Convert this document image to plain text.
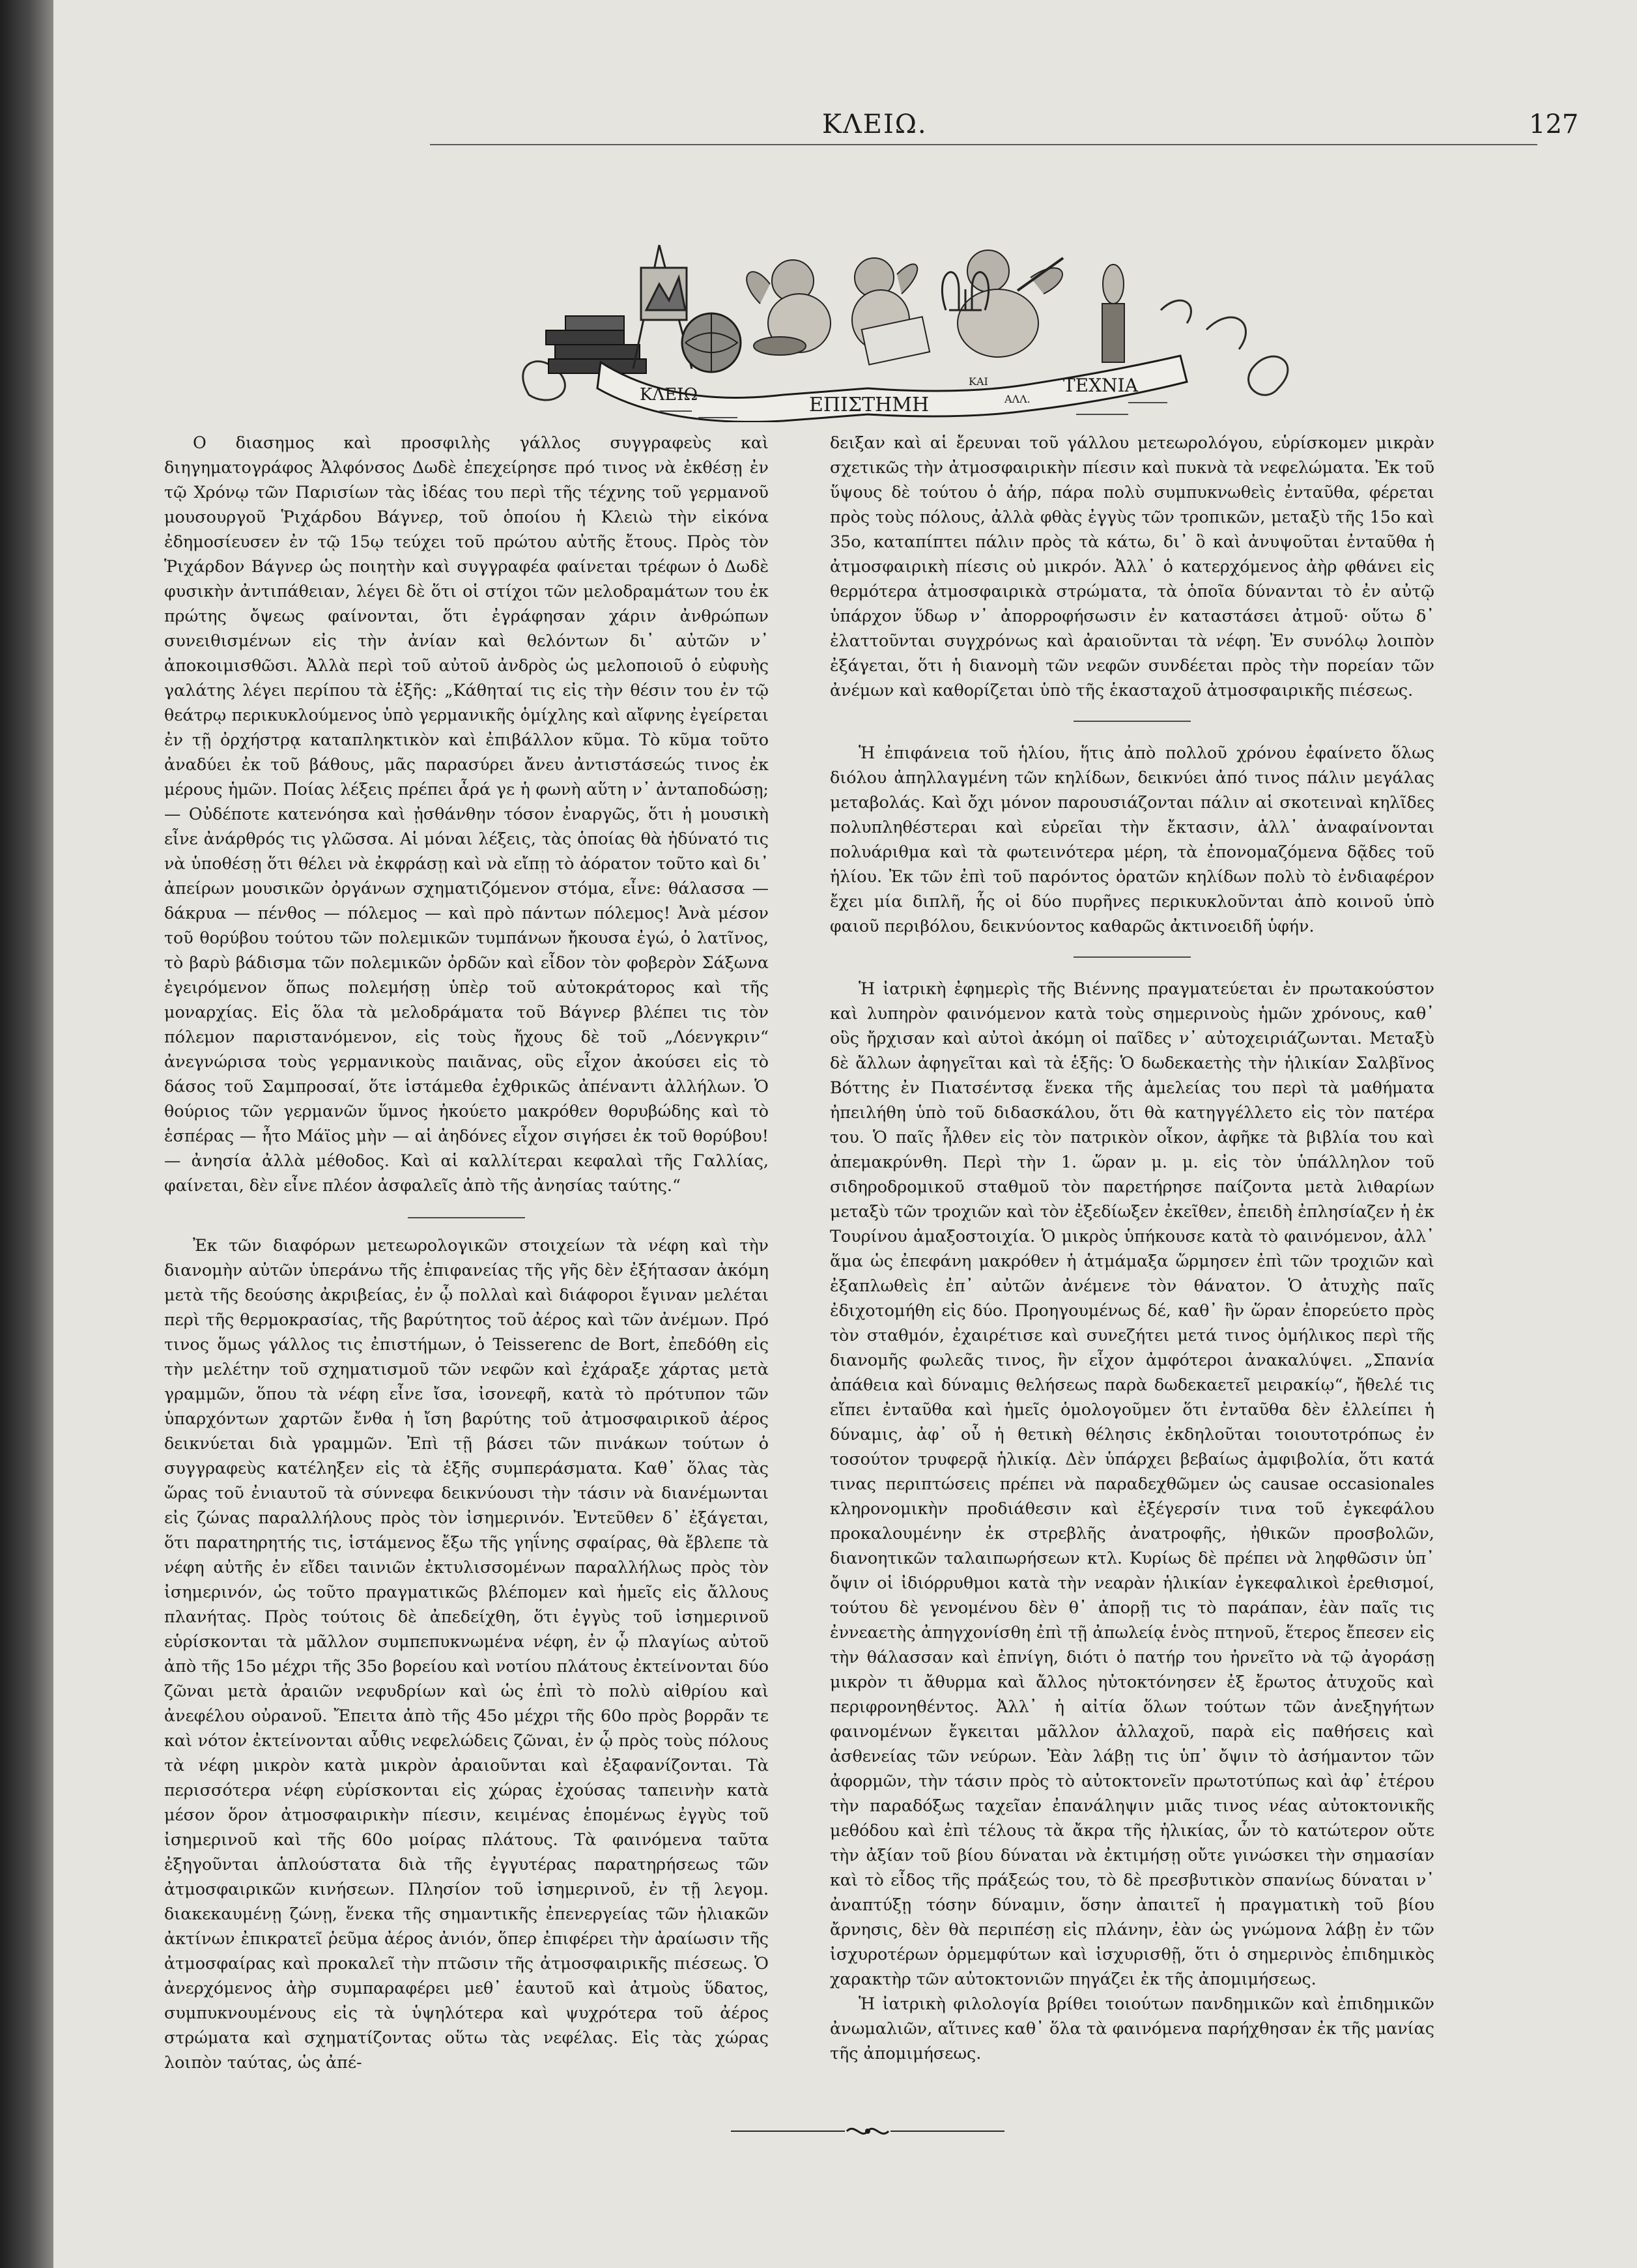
ΚΛΕΙΩ.	127
ΚΛΕΙΩ	ΕΠΙΣΤΗΜΗ
ΚΑΙ
ΑΛΛ.
ΤΕΧΝΙΑ

Ο διασημος καὶ προσφιλὴς γάλλος συγγραφεὺς καὶ διηγηματογράφος Ἀλφόνσος Δωδὲ ἐπεχείρησε πρό τινος νὰ ἐκθέσῃ ἐν τῷ Χρόνῳ τῶν Παρισίων τὰς ἰδέας του περὶ τῆς τέχνης τοῦ γερμανοῦ μουσουργοῦ Ῥιχάρδου Βάγνερ, τοῦ ὁποίου ἡ Κλειὼ τὴν εἰκόνα ἐδημοσίευσεν ἐν τῷ 15ῳ τεύχει τοῦ πρώτου αὐτῆς ἔτους. Πρὸς τὸν Ῥιχάρδον Βάγνερ ὡς ποιητὴν καὶ συγγραφέα φαίνεται τρέφων ὁ Δωδὲ φυσικὴν ἀντιπάθειαν, λέγει δὲ ὅτι οἱ στίχοι τῶν μελοδραμάτων του ἐκ πρώτης ὄψεως φαίνονται, ὅτι ἐγράφησαν χάριν ἀνθρώπων συνειθισμένων εἰς τὴν ἀνίαν καὶ θελόντων δι᾽ αὐτῶν ν᾽ ἀποκοιμισθῶσι. Ἀλλὰ περὶ τοῦ αὐτοῦ ἀνδρὸς ὡς μελοποιοῦ ὁ εὐφυὴς γαλάτης λέγει περίπου τὰ ἑξῆς: „Κάθηταί τις εἰς τὴν θέσιν του ἐν τῷ θεάτρῳ περικυκλούμενος ὑπὸ γερμανικῆς ὁμίχλης καὶ αἴφνης ἐγείρεται ἐν τῇ ὀρχήστρᾳ καταπληκτικὸν καὶ ἐπιβάλλον κῦμα. Τὸ κῦμα τοῦτο ἀναδύει ἐκ τοῦ βάθους, μᾶς παρασύρει ἄνευ ἀντιστάσεώς τινος ἐκ μέρους ἡμῶν. Ποίας λέξεις πρέπει ἆρά γε ἡ φωνὴ αὕτη ν᾽ ἀνταποδώσῃ; — Οὐδέποτε κατενόησα καὶ ᾐσθάνθην τόσον ἐναργῶς, ὅτι ἡ μουσικὴ εἶνε ἀνάρθρός τις γλῶσσα. Αἱ μόναι λέξεις, τὰς ὁποίας θὰ ἠδύνατό τις νὰ ὑποθέσῃ ὅτι θέλει νὰ ἐκφράσῃ καὶ νὰ εἴπῃ τὸ ἀόρατον τοῦτο καὶ δι᾽ ἀπείρων μουσικῶν ὀργάνων σχηματιζόμενον στόμα, εἶνε: θάλασσα — δάκρυα — πένθος — πόλεμος — καὶ πρὸ πάντων πόλεμος! Ἀνὰ μέσον τοῦ θορύβου τούτου τῶν πολεμικῶν τυμπάνων ἤκουσα ἐγώ, ὁ λατῖνος, τὸ βαρὺ βάδισμα τῶν πολεμικῶν ὀρδῶν καὶ εἶδον τὸν φοβερὸν Σάξωνα ἐγειρόμενον ὅπως πολεμήσῃ ὑπὲρ τοῦ αὐτοκράτορος καὶ τῆς μοναρχίας. Εἰς ὅλα τὰ μελοδράματα τοῦ Βάγνερ βλέπει τις τὸν πόλεμον παριστανόμενον, εἰς τοὺς ἤχους δὲ τοῦ „Λόενγκριν“ ἀνεγνώρισα τοὺς γερμανικοὺς παιᾶνας, οὓς εἶχον ἀκούσει εἰς τὸ δάσος τοῦ Σαμπροσαί, ὅτε ἱστάμεθα ἐχθρικῶς ἀπέναντι ἀλλήλων. Ὁ θούριος τῶν γερμανῶν ὕμνος ἠκούετο μακρόθεν θορυβώδης καὶ τὸ ἑσπέρας — ἦτο Μάϊος μὴν — αἱ ἀηδόνες εἶχον σιγήσει ἐκ τοῦ θορύβου! — ἀνησία ἀλλὰ μέθοδος. Καὶ αἱ καλλίτεραι κεφαλαὶ τῆς Γαλλίας, φαίνεται, δὲν εἶνε πλέον ἀσφαλεῖς ἀπὸ τῆς ἀνησίας ταύτης.“

Ἐκ τῶν διαφόρων μετεωρολογικῶν στοιχείων τὰ νέφη καὶ τὴν διανομὴν αὐτῶν ὑπεράνω τῆς ἐπιφανείας τῆς γῆς δὲν ἐξήτασαν ἀκόμη μετὰ τῆς δεούσης ἀκριβείας, ἐν ᾧ πολλαὶ καὶ διάφοροι ἔγιναν μελέται περὶ τῆς θερμοκρασίας, τῆς βαρύτητος τοῦ ἀέρος καὶ τῶν ἀνέμων. Πρό τινος ὅμως γάλλος τις ἐπιστήμων, ὁ Teisserenc de Bort, ἐπεδόθη εἰς τὴν μελέτην τοῦ σχηματισμοῦ τῶν νεφῶν καὶ ἐχάραξε χάρτας μετὰ γραμμῶν, ὅπου τὰ νέφη εἶνε ἴσα, ἰσονεφῆ, κατὰ τὸ πρότυπον τῶν ὑπαρχόντων χαρτῶν ἔνθα ἡ ἴση βαρύτης τοῦ ἀτμοσφαιρικοῦ ἀέρος δεικνύεται διὰ γραμμῶν. Ἐπὶ τῇ βάσει τῶν πινάκων τούτων ὁ συγγραφεὺς κατέληξεν εἰς τὰ ἑξῆς συμπεράσματα. Καθ᾽ ὅλας τὰς ὥρας τοῦ ἐνιαυτοῦ τὰ σύννεφα δεικνύουσι τὴν τάσιν νὰ διανέμωνται εἰς ζώνας παραλλήλους πρὸς τὸν ἰσημερινόν. Ἐντεῦθεν δ᾽ ἐξάγεται, ὅτι παρατηρητής τις, ἱστάμενος ἔξω τῆς γηΐνης σφαίρας, θὰ ἔβλεπε τὰ νέφη αὐτῆς ἐν εἴδει ταινιῶν ἐκτυλισσομένων παραλλήλως πρὸς τὸν ἰσημερινόν, ὡς τοῦτο πραγματικῶς βλέπομεν καὶ ἡμεῖς εἰς ἄλλους πλανήτας. Πρὸς τούτοις δὲ ἀπεδείχθη, ὅτι ἐγγὺς τοῦ ἰσημερινοῦ εὑρίσκονται τὰ μᾶλλον συμπεπυκνωμένα νέφη, ἐν ᾧ πλαγίως αὐτοῦ ἀπὸ τῆς 15ο μέχρι τῆς 35ο βορείου καὶ νοτίου πλάτους ἐκτείνονται δύο ζῶναι μετὰ ἀραιῶν νεφυδρίων καὶ ὡς ἐπὶ τὸ πολὺ αἰθρίου καὶ ἀνεφέλου οὐρανοῦ. Ἔπειτα ἀπὸ τῆς 45ο μέχρι τῆς 60ο πρὸς βορρᾶν τε καὶ νότον ἐκτείνονται αὖθις νεφελώδεις ζῶναι, ἐν ᾧ πρὸς τοὺς πόλους τὰ νέφη μικρὸν κατὰ μικρὸν ἀραιοῦνται καὶ ἐξαφανίζονται. Τὰ περισσότερα νέφη εὑρίσκονται εἰς χώρας ἐχούσας ταπεινὴν κατὰ μέσον ὅρον ἀτμοσφαιρικὴν πίεσιν, κειμένας ἑπομένως ἐγγὺς τοῦ ἰσημερινοῦ καὶ τῆς 60ο μοίρας πλάτους. Τὰ φαινόμενα ταῦτα ἐξηγοῦνται ἁπλούστατα διὰ τῆς ἐγγυτέρας παρατηρήσεως τῶν ἀτμοσφαιρικῶν κινήσεων. Πλησίον τοῦ ἰσημερινοῦ, ἐν τῇ λεγομ. διακεκαυμένῃ ζώνῃ, ἕνεκα τῆς σημαντικῆς ἐπενεργείας τῶν ἡλιακῶν ἀκτίνων ἐπικρατεῖ ῥεῦμα ἀέρος ἀνιόν, ὅπερ ἐπιφέρει τὴν ἀραίωσιν τῆς ἀτμοσφαίρας καὶ προκαλεῖ τὴν πτῶσιν τῆς ἀτμοσφαιρικῆς πιέσεως. Ὁ ἀνερχόμενος ἀὴρ συμπαραφέρει μεθ᾽ ἑαυτοῦ καὶ ἀτμοὺς ὕδατος, συμπυκνουμένους εἰς τὰ ὑψηλότερα καὶ ψυχρότερα τοῦ ἀέρος στρώματα καὶ σχηματίζοντας οὕτω τὰς νεφέλας. Εἰς τὰς χώρας λοιπὸν ταύτας, ὡς ἀπέ-

δειξαν καὶ αἱ ἔρευναι τοῦ γάλλου μετεωρολόγου, εὑρίσκομεν μικρὰν σχετικῶς τὴν ἀτμοσφαιρικὴν πίεσιν καὶ πυκνὰ τὰ νεφελώματα. Ἐκ τοῦ ὕψους δὲ τούτου ὁ ἀήρ, πάρα πολὺ συμπυκνωθεὶς ἐνταῦθα, φέρεται πρὸς τοὺς πόλους, ἀλλὰ φθὰς ἐγγὺς τῶν τροπικῶν, μεταξὺ τῆς 15ο καὶ 35ο, καταπίπτει πάλιν πρὸς τὰ κάτω, δι᾽ ὃ καὶ ἀνυψοῦται ἐνταῦθα ἡ ἀτμοσφαιρικὴ πίεσις οὐ μικρόν. Ἀλλ᾽ ὁ κατερχόμενος ἀὴρ φθάνει εἰς θερμότερα ἀτμοσφαιρικὰ στρώματα, τὰ ὁποῖα δύνανται τὸ ἐν αὐτῷ ὑπάρχον ὕδωρ ν᾽ ἀπορροφήσωσιν ἐν καταστάσει ἀτμοῦ· οὕτω δ᾽ ἐλαττοῦνται συγχρόνως καὶ ἀραιοῦνται τὰ νέφη. Ἐν συνόλῳ λοιπὸν ἐξάγεται, ὅτι ἡ διανομὴ τῶν νεφῶν συνδέεται πρὸς τὴν πορείαν τῶν ἀνέμων καὶ καθορίζεται ὑπὸ τῆς ἑκασταχοῦ ἀτμοσφαιρικῆς πιέσεως.

Ἡ ἐπιφάνεια τοῦ ἡλίου, ἥτις ἀπὸ πολλοῦ χρόνου ἐφαίνετο ὅλως διόλου ἀπηλλαγμένη τῶν κηλίδων, δεικνύει ἀπό τινος πάλιν μεγάλας μεταβολάς. Καὶ ὄχι μόνον παρουσιάζονται πάλιν αἱ σκοτειναὶ κηλῖδες πολυπληθέστεραι καὶ εὐρεῖαι τὴν ἔκτασιν, ἀλλ᾽ ἀναφαίνονται πολυάριθμα καὶ τὰ φωτεινότερα μέρη, τὰ ἐπονομαζόμενα δᾷδες τοῦ ἡλίου. Ἐκ τῶν ἐπὶ τοῦ παρόντος ὁρατῶν κηλίδων πολὺ τὸ ἐνδιαφέρον ἔχει μία διπλῆ, ἧς οἱ δύο πυρῆνες περικυκλοῦνται ἀπὸ κοινοῦ ὑπὸ φαιοῦ περιβόλου, δεικνύοντος καθαρῶς ἀκτινοειδῆ ὑφήν.

Ἡ ἰατρικὴ ἐφημερὶς τῆς Βιέννης πραγματεύεται ἐν πρωτακούστον καὶ λυπηρὸν φαινόμενον κατὰ τοὺς σημερινοὺς ἡμῶν χρόνους, καθ᾽ οὓς ἤρχισαν καὶ αὐτοὶ ἀκόμη οἱ παῖδες ν᾽ αὐτοχειριάζωνται. Μεταξὺ δὲ ἄλλων ἀφηγεῖται καὶ τὰ ἑξῆς: Ὁ δωδεκαετὴς τὴν ἡλικίαν Σαλβῖνος Βόττης ἐν Πιατσέντσᾳ ἕνεκα τῆς ἀμελείας του περὶ τὰ μαθήματα ἠπειλήθη ὑπὸ τοῦ διδασκάλου, ὅτι θὰ κατηγγέλλετο εἰς τὸν πατέρα του. Ὁ παῖς ἦλθεν εἰς τὸν πατρικὸν οἶκον, ἀφῆκε τὰ βιβλία του καὶ ἀπεμακρύνθη. Περὶ τὴν 1. ὥραν μ. μ. εἰς τὸν ὑπάλληλον τοῦ σιδηροδρομικοῦ σταθμοῦ τὸν παρετήρησε παίζοντα μετὰ λιθαρίων μεταξὺ τῶν τροχιῶν καὶ τὸν ἐξεδίωξεν ἐκεῖθεν, ἐπειδὴ ἐπλησίαζεν ἡ ἐκ Τουρίνου ἁμαξοστοιχία. Ὁ μικρὸς ὑπήκουσε κατὰ τὸ φαινόμενον, ἀλλ᾽ ἅμα ὡς ἐπεφάνη μακρόθεν ἡ ἁτμάμαξα ὥρμησεν ἐπὶ τῶν τροχιῶν καὶ ἐξαπλωθεὶς ἐπ᾽ αὐτῶν ἀνέμενε τὸν θάνατον. Ὁ ἀτυχὴς παῖς ἐδιχοτομήθη εἰς δύο. Προηγουμένως δέ, καθ᾽ ἣν ὥραν ἐπορεύετο πρὸς τὸν σταθμόν, ἐχαιρέτισε καὶ συνεζήτει μετά τινος ὁμήλικος περὶ τῆς διανομῆς φωλεᾶς τινος, ἣν εἶχον ἀμφότεροι ἀνακαλύψει. „Σπανία ἀπάθεια καὶ δύναμις θελήσεως παρὰ δωδεκαετεῖ μειρακίῳ“, ἤθελέ τις εἴπει ἐνταῦθα καὶ ἡμεῖς ὁμολογοῦμεν ὅτι ἐνταῦθα δὲν ἐλλείπει ἡ δύναμις, ἀφ᾽ οὗ ἡ θετικὴ θέλησις ἐκδηλοῦται τοιουτοτρόπως ἐν τοσούτον τρυφερᾷ ἡλικίᾳ. Δὲν ὑπάρχει βεβαίως ἀμφιβολία, ὅτι κατά τινας περιπτώσεις πρέπει νὰ παραδεχθῶμεν ὡς causae occasionales κληρονομικὴν προδιάθεσιν καὶ ἐξέγερσίν τινα τοῦ ἐγκεφάλου προκαλουμένην ἐκ στρεβλῆς ἀνατροφῆς, ἠθικῶν προσβολῶν, διανοητικῶν ταλαιπωρήσεων κτλ. Κυρίως δὲ πρέπει νὰ ληφθῶσιν ὑπ᾽ ὄψιν οἱ ἰδιόρρυθμοι κατὰ τὴν νεαρὰν ἡλικίαν ἐγκεφαλικοὶ ἐρεθισμοί, τούτου δὲ γενομένου δὲν θ᾽ ἀπορῇ τις τὸ παράπαν, ἐὰν παῖς τις ἐννεαετὴς ἀπηγχονίσθη ἐπὶ τῇ ἀπωλείᾳ ἑνὸς πτηνοῦ, ἕτερος ἔπεσεν εἰς τὴν θάλασσαν καὶ ἐπνίγη, διότι ὁ πατήρ του ἠρνεῖτο νὰ τῷ ἀγοράσῃ μικρὸν τι ἄθυρμα καὶ ἄλλος ηὐτοκτόνησεν ἐξ ἔρωτος ἀτυχοῦς καὶ περιφρονηθέντος. Ἀλλ᾽ ἡ αἰτία ὅλων τούτων τῶν ἀνεξηγήτων φαινομένων ἔγκειται μᾶλλον ἀλλαχοῦ, παρὰ εἰς παθήσεις καὶ ἀσθενείας τῶν νεύρων. Ἐὰν λάβῃ τις ὑπ᾽ ὄψιν τὸ ἀσήμαντον τῶν ἀφορμῶν, τὴν τάσιν πρὸς τὸ αὐτοκτονεῖν πρωτοτύπως καὶ ἀφ᾽ ἑτέρου τὴν παραδόξως ταχεῖαν ἐπανάληψιν μιᾶς τινος νέας αὐτοκτονικῆς μεθόδου καὶ ἐπὶ τέλους τὰ ἄκρα τῆς ἡλικίας, ὧν τὸ κατώτερον οὔτε τὴν ἀξίαν τοῦ βίου δύναται νὰ ἐκτιμήσῃ οὔτε γινώσκει τὴν σημασίαν καὶ τὸ εἶδος τῆς πράξεώς του, τὸ δὲ πρεσβυτικὸν σπανίως δύναται ν᾽ ἀναπτύξῃ τόσην δύναμιν, ὅσην ἀπαιτεῖ ἡ πραγματικὴ τοῦ βίου ἄρνησις, δὲν θὰ περιπέσῃ εἰς πλάνην, ἐὰν ὡς γνώμονα λάβῃ ἐν τῶν ἰσχυροτέρων ὁρμεμφύτων καὶ ἰσχυρισθῇ, ὅτι ὁ σημερινὸς ἐπιδημικὸς χαρακτὴρ τῶν αὐτοκτονιῶν πηγάζει ἐκ τῆς ἀπομιμήσεως.

Ἡ ἰατρικὴ φιλολογία βρίθει τοιούτων πανδημικῶν καὶ ἐπιδημικῶν ἀνωμαλιῶν, αἵτινες καθ᾽ ὅλα τὰ φαινόμενα παρήχθησαν ἐκ τῆς μανίας τῆς ἀπομιμήσεως.
